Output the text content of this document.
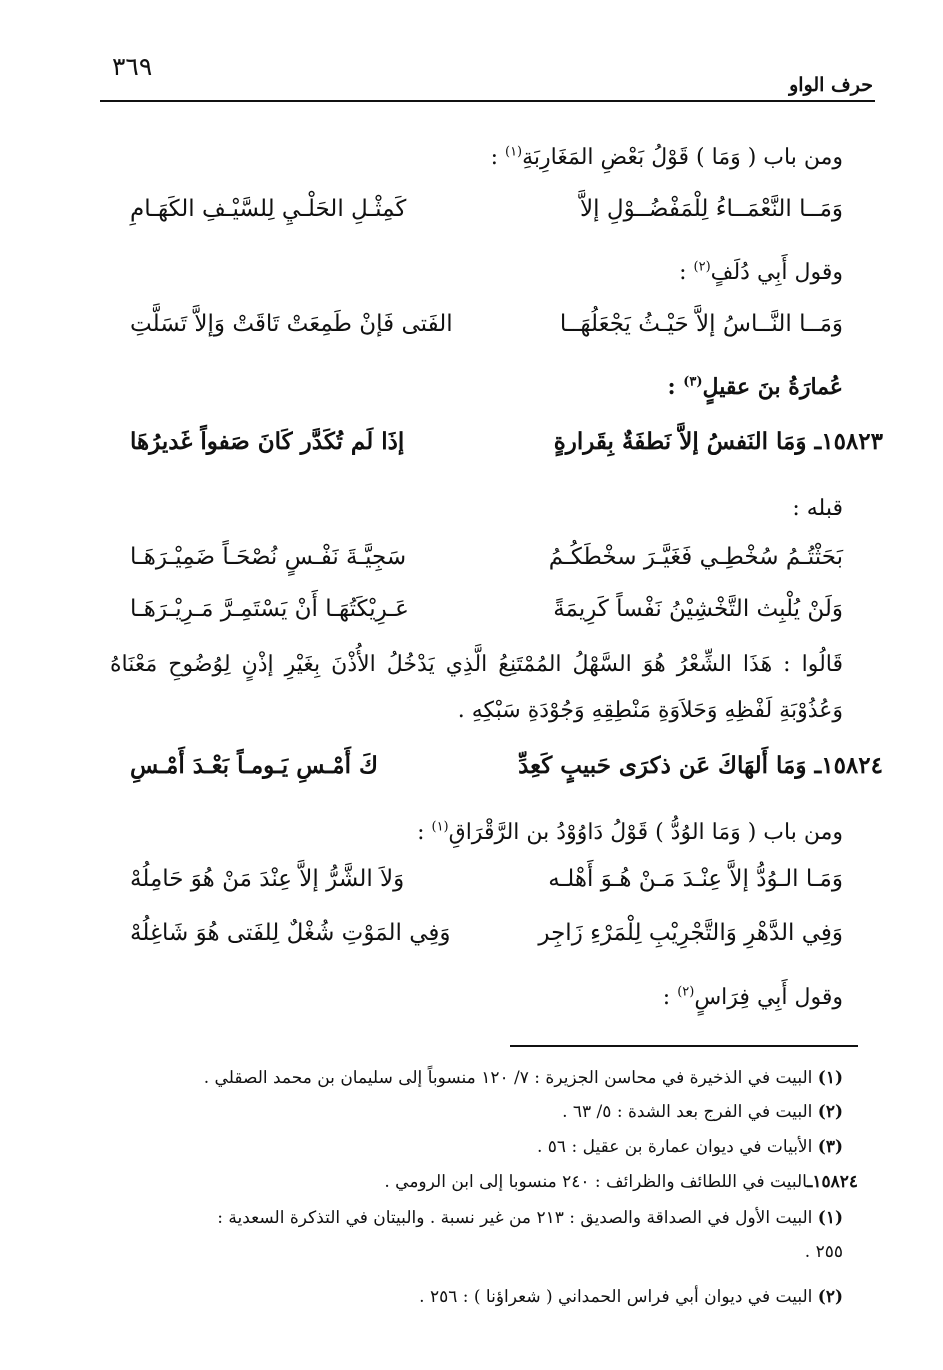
٣٦٩
حرف الواو
ومن باب ( وَمَا ) قَوْلُ بَعْضِ المَغَارِبَةِ$^{(١)}$ :
وَمَــا النَّعْمَــاءُ لِلْمَفْضُــوْلِ إلاَّ
كَمِثْـلِ الحَلْـيِ لِلسَّيْـفِ الكَهَـامِ
وقول أَبِي دُلَفٍ$^{(٢)}$ :
وَمَــا النَّــاسُ إلاَّ حَيْـثُ يَجْعَلُهَــا
الفَتى فَإنْ طَمِعَتْ تَاقَتْ وَإلاَّ تَسَلَّتِ
عُمارَةُ بنَ عقيلٍ$^{(٣)}$ :
١٥٨٢٣ـ وَمَا النَفسُ إلاَّ نَطفَةٌ بِقَرارةٍ
إذَا لَم تُكَدَّر كَانَ صَفواً غَديرُهَا
قبله :
بَحَثْتُـمُ سُخْطِـي فَغَيَّـرَ سخْطَكُـمُ
سَجِيَّـةَ نَفْـسٍ نُصْحَـاً ضَمِيْـرَهَـا
وَلَنْ يُلْبِث التَّخْشِيْنُ نَفْساً كَرِيمَةً
عَـرِيْكَتُهَـا أَنْ يَسْتَمِـرَّ مَـرِيْـرَهَـا
قَالُوا : هَذَا الشِّعْرُ هُوَ السَّهْلُ المُمْتَنِعُ الَّذِي يَدْخُلُ الأُذْنَ بِغَيْرِ إذْنٍ لِوُضُوحِ مَعْنَاهُ وَعُذُوْبَةِ لَفْظِهِ وَحَلاَوَةِ مَنْطِقِهِ وَجُوْدَةِ سَبْكِهِ .
١٥٨٢٤ـ وَمَا أَلهَاكَ عَن ذكرَى حَبيبٍ كَعِدِّ
كَ أَمْـسِ يَـومـاً بَعْـدَ أَمْـسِ
ومن باب ( وَمَا الوُدُّ ) قَوْلُ دَاوُوْدُ بن الرَّقْرَاقِ$^{(١)}$ :
وَمَـا الـوُدُّ إلاَّ عِنْـدَ مَـنْ هُـوَ أَهْلـه
وَلاَ الشَّرُّ إلاَّ عِنْدَ مَنْ هُوَ حَامِلُهْ
وَفِي الدَّهْرِ وَالتَّجْرِيْبِ لِلْمَرْءِ زَاجِر
وَفِي المَوْتِ شُغْلٌ لِلفَتى هُوَ شَاغِلُهْ
وقول أَبِي فِرَاسٍ$^{(٢)}$ :
(١) البيت في الذخيرة في محاسن الجزيرة : ٧/ ١٢٠ منسوباً إلى سليمان بن محمد الصقلي .
(٢) البيت في الفرج بعد الشدة : ٥/ ٦٣ .
(٣) الأبيات في ديوان عمارة بن عقيل : ٥٦ .
١٥٨٢٤ـالبيت في اللطائف والظرائف : ٢٤٠ منسوبا إلى ابن الرومي .
(١) البيت الأول في الصداقة والصديق : ٢١٣ من غير نسبة . والبيتان في التذكرة السعدية :
٢٥٥ .
(٢) البيت في ديوان أبي فراس الحمداني ( شعراؤنا ) : ٢٥٦ .
